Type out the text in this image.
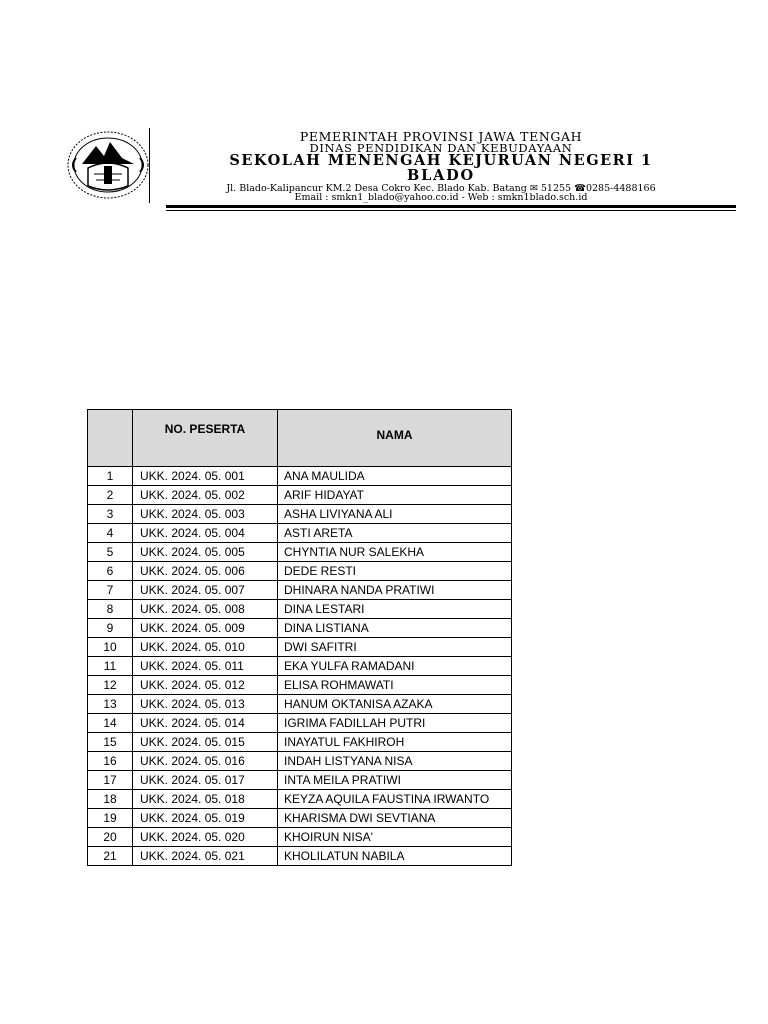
PEMERINTAH PROVINSI JAWA TENGAH
DINAS PENDIDIKAN DAN KEBUDAYAAN
SEKOLAH MENENGAH KEJURUAN NEGERI 1
BLADO
Jl. Blado-Kalipancur KM.2 Desa Cokro Kec. Blado Kab. Batang ✉ 51255 ☎0285-4488166
Email : smkn1_blado@yahoo.co.id - Web : smkn1blado.sch.id
	NO. PESERTA	NAMA
1	UKK. 2024. 05. 001	ANA MAULIDA
2	UKK. 2024. 05. 002	ARIF HIDAYAT
3	UKK. 2024. 05. 003	ASHA LIVIYANA ALI
4	UKK. 2024. 05. 004	ASTI ARETA
5	UKK. 2024. 05. 005	CHYNTIA NUR SALEKHA
6	UKK. 2024. 05. 006	DEDE RESTI
7	UKK. 2024. 05. 007	DHINARA NANDA PRATIWI
8	UKK. 2024. 05. 008	DINA LESTARI
9	UKK. 2024. 05. 009	DINA LISTIANA
10	UKK. 2024. 05. 010	DWI SAFITRI
11	UKK. 2024. 05. 011	EKA YULFA RAMADANI
12	UKK. 2024. 05. 012	ELISA ROHMAWATI
13	UKK. 2024. 05. 013	HANUM OKTANISA AZAKA
14	UKK. 2024. 05. 014	IGRIMA FADILLAH PUTRI
15	UKK. 2024. 05. 015	INAYATUL FAKHIROH
16	UKK. 2024. 05. 016	INDAH LISTYANA NISA
17	UKK. 2024. 05. 017	INTA MEILA PRATIWI
18	UKK. 2024. 05. 018	KEYZA AQUILA FAUSTINA IRWANTO
19	UKK. 2024. 05. 019	KHARISMA DWI SEVTIANA
20	UKK. 2024. 05. 020	KHOIRUN NISA'
21	UKK. 2024. 05. 021	KHOLILATUN NABILA
